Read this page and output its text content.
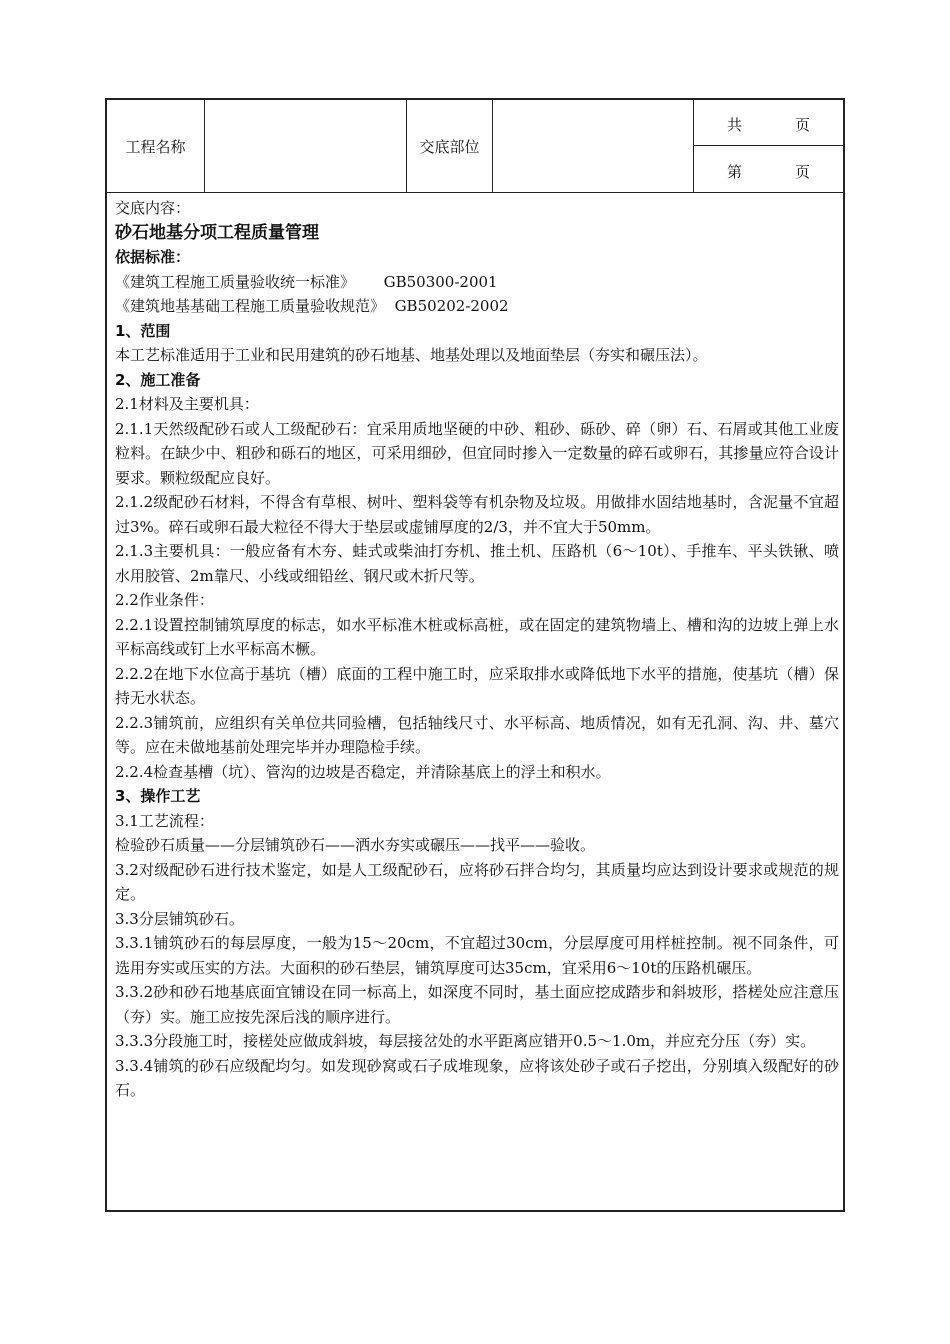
工程名称	交底部位
共	页
第	页

交底内容：

砂石地基分项工程质量管理

依据标准：

《建筑工程施工质量验收统一标准》 GB50300-2001

《建筑地基基础工程施工质量验收规范》 GB50202-2002

1、范围

本工艺标准适用于工业和民用建筑的砂石地基、地基处理以及地面垫层（夯实和碾压法）。

2、施工准备

2.1材料及主要机具：

2.1.1天然级配砂石或人工级配砂石：宜采用质地坚硬的中砂、粗砂、砾砂、碎（卵）石、石屑或其他工业废粒料。在缺少中、粗砂和砾石的地区，可采用细砂，但宜同时掺入一定数量的碎石或卵石，其掺量应符合设计要求。颗粒级配应良好。

2.1.2级配砂石材料，不得含有草根、树叶、塑料袋等有机杂物及垃圾。用做排水固结地基时，含泥量不宜超过3%。碎石或卵石最大粒径不得大于垫层或虚铺厚度的2/3，并不宜大于50mm。

2.1.3主要机具：一般应备有木夯、蛙式或柴油打夯机、推土机、压路机（6～10t）、手推车、平头铁锹、喷水用胶管、2m靠尺、小线或细铅丝、钢尺或木折尺等。

2.2作业条件：

2.2.1设置控制铺筑厚度的标志，如水平标准木桩或标高桩，或在固定的建筑物墙上、槽和沟的边坡上弹上水平标高线或钉上水平标高木橛。

2.2.2在地下水位高于基坑（槽）底面的工程中施工时，应采取排水或降低地下水平的措施，使基坑（槽）保持无水状态。

2.2.3铺筑前，应组织有关单位共同验槽，包括轴线尺寸、水平标高、地质情况，如有无孔洞、沟、井、墓穴等。应在未做地基前处理完毕并办理隐检手续。

2.2.4检查基槽（坑）、管沟的边坡是否稳定，并清除基底上的浮土和积水。

3、操作工艺

3.1工艺流程：

检验砂石质量——分层铺筑砂石——洒水夯实或碾压——找平——验收。

3.2对级配砂石进行技术鉴定，如是人工级配砂石，应将砂石拌合均匀，其质量均应达到设计要求或规范的规定。

3.3分层铺筑砂石。

3.3.1铺筑砂石的每层厚度，一般为15～20cm，不宜超过30cm，分层厚度可用样桩控制。视不同条件，可选用夯实或压实的方法。大面积的砂石垫层，铺筑厚度可达35cm，宜采用6～10t的压路机碾压。

3.3.2砂和砂石地基底面宜铺设在同一标高上，如深度不同时，基土面应挖成踏步和斜坡形，搭槎处应注意压（夯）实。施工应按先深后浅的顺序进行。

3.3.3分段施工时，接槎处应做成斜坡，每层接岔处的水平距离应错开0.5～1.0m，并应充分压（夯）实。

3.3.4铺筑的砂石应级配均匀。如发现砂窝或石子成堆现象，应将该处砂子或石子挖出，分别填入级配好的砂石。
